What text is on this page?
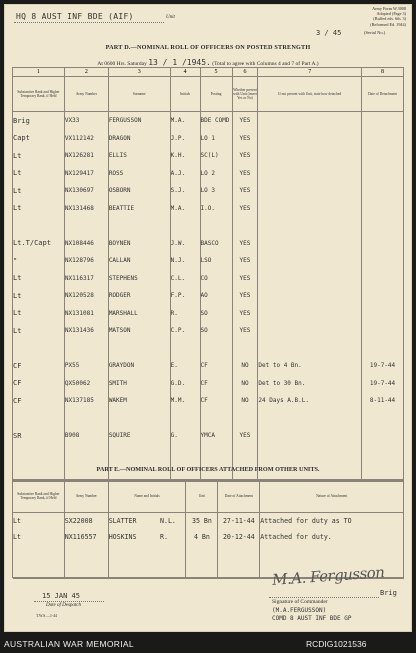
HQ 8 AUST INF BDE (AIF)	Unit
Army Form W.3008
Adopted (Page 3)
(Buffed eds. 6th. 3)
(Reformed Ed. 1944)
3 / 45	(Serial No.)
PART D.—NOMINAL ROLL OF OFFICERS ON POSTED STRENGTH
At 0600 Hrs. Saturday 13 / 1 /1945. (Total to agree with Columns 4 and 7 of Part A.)
1	2	3	4	5	6	7	8
Substantive Rank and Higher Temporary Rank, if Held	Army Number	Surname	Initials	Posting	Whether present with Unit (insert Yes or No)	If not present with Unit, state how detached	Date of Detachment
Brig	VX33	FERGUSSON	M.A.	BDE COMD	YES		
Capt	VX112142	DRAGON	J.P.	LO 1	YES		
Lt	NX126281	ELLIS	K.H.	SC(L)	YES		
Lt	NX129417	ROSS	A.J.	LO 2	YES		
Lt	NX130697	OSBORN	S.J.	LO 3	YES		
Lt	NX131468	BEATTIE	M.A.	I.O.	YES		

Lt.T/Capt	NX108446	BOYNEN	J.W.	BASCO	YES		
"	NX128796	CALLAN	N.J.	LSO	YES		
Lt	NX116317	STEPHENS	C.L.	CO	YES		
Lt	NX120528	RODGER	F.P.	AO	YES		
Lt	NX131081	MARSHALL	R.	SO	YES		
Lt	NX131436	MATSON	C.P.	SO	YES		

CF	PX55	GRAYDON	E.	CF	NO	Det to 4 Bn.	19-7-44
CF	QX50062	SMITH	G.D.	CF	NO	Det to 30 Bn.	19-7-44
CF	NX137185	WAKEM	M.M.	CF	NO	24 Days A.B.L.	8-11-44

SR	B908	SQUIRE	G.	YMCA	YES		

PART E.—NOMINAL ROLL OF OFFICERS ATTACHED FROM OTHER UNITS.
Substantive Rank and Higher Temporary Rank, if Held	Army Number	Name and Initials		Unit	Date of Attachment	Nature of Attachment
Lt	SX22008	SLATTER	N.L.	35 Bn	27-11-44	Attached for duty as TO
Lt	NX116557	HOSKINS	R.	4 Bn	20-12-44	Attached for duty.

15 JAN 45
Date of Despatch
T.W.S.—1-44
M.A. Fergusson
Brig
Signature of Commander
(M.A.FERGUSSON)
COMD 8 AUST INF BDE GP
AUSTRALIAN WAR MEMORIAL	RCDIG1021536
